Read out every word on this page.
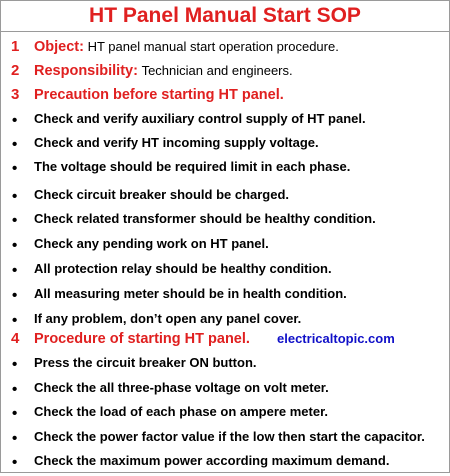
HT Panel Manual Start SOP
1 Object: HT panel manual start operation procedure.
2 Responsibility: Technician and engineers.
3 Precaution before starting HT panel.
• Check and verify auxiliary control supply of HT panel.
• Check and verify HT incoming supply voltage.
• The voltage should be required limit in each phase.
• Check circuit breaker should be charged.
• Check related transformer should be healthy condition.
• Check any pending work on HT panel.
• All protection relay should be healthy condition.
• All measuring meter should be in health condition.
• If any problem, don’t open any panel cover.
4 Procedure of starting HT panel. electricaltopic.com
• Press the circuit breaker ON button.
• Check the all three-phase voltage on volt meter.
• Check the load of each phase on ampere meter.
• Check the power factor value if the low then start the capacitor.
• Check the maximum power according maximum demand.
